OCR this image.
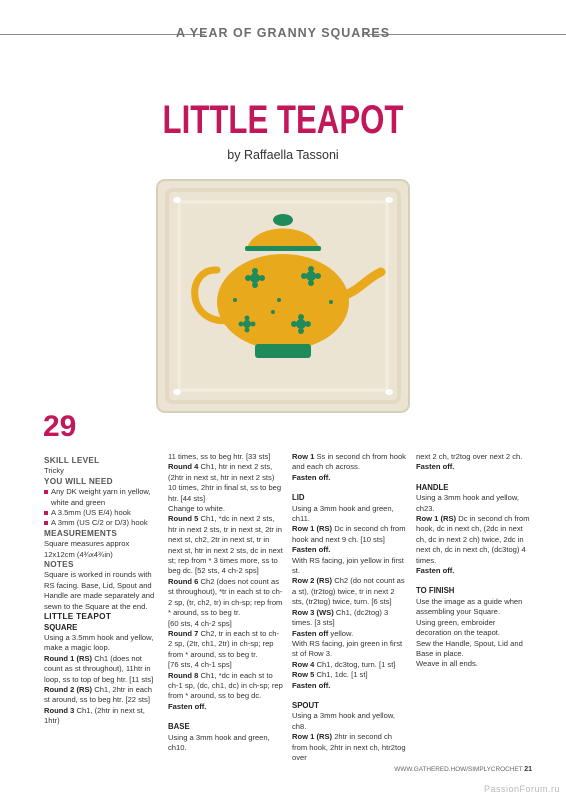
A YEAR OF GRANNY SQUARES
LITTLE TEAPOT
by Raffaella Tassoni
29

SKILL LEVEL

Tricky

YOU WILL NEED

Any DK weight yarn in yellow, white and green
A 3.5mm (US E/4) hook
A 3mm (US C/2 or D/3) hook

MEASUREMENTS

Square measures approx 12x12cm (4¾x4¾in)

NOTES

Square is worked in rounds with RS facing. Base, Lid, Spout and Handle are made separately and sewn to the Square at the end.

LITTLE TEAPOT

SQUARE

Using a 3.5mm hook and yellow, make a magic loop.

Round 1 (RS) Ch1 (does not count as st throughout), 11htr in loop, ss to top of beg htr. [11 sts]

Round 2 (RS) Ch1, 2htr in each st around, ss to beg htr. [22 sts]

Round 3 Ch1, (2htr in next st, 1htr)

11 times, ss to beg htr. [33 sts]

Round 4 Ch1, htr in next 2 sts, (2htr in next st, htr in next 2 sts) 10 times, 2htr in final st, ss to beg htr. [44 sts]

Change to white.

Round 5 Ch1, *dc in next 2 sts, htr in next 2 sts, tr in next st, 2tr in next st, ch2, 2tr in next st, tr in next st, htr in next 2 sts, dc in next st; rep from * 3 times more, ss to beg dc. [52 sts, 4 ch-2 sps]

Round 6 Ch2 (does not count as st throughout), *tr in each st to ch-2 sp, (tr, ch2, tr) in ch-sp; rep from * around, ss to beg tr.

[60 sts, 4 ch-2 sps]

Round 7 Ch2, tr in each st to ch-2 sp, (2tr, ch1, 2tr) in ch-sp; rep from * around, ss to beg tr.

[76 sts, 4 ch-1 sps]

Round 8 Ch1, *dc in each st to ch-1 sp, (dc, ch1, dc) in ch-sp; rep from * around, ss to beg dc.

Fasten off.

BASE

Using a 3mm hook and green, ch10.

Row 1 Ss in second ch from hook and each ch across.

Fasten off.

LID

Using a 3mm hook and green, ch11.

Row 1 (RS) Dc in second ch from hook and next 9 ch. [10 sts]

Fasten off.

With RS facing, join yellow in first st.

Row 2 (RS) Ch2 (do not count as a st), (tr2tog) twice, tr in next 2 sts, (tr2tog) twice, turn. [6 sts]

Row 3 (WS) Ch1, (dc2tog) 3 times. [3 sts]

Fasten off yellow.

With RS facing, join green in first st of Row 3.

Row 4 Ch1, dc3tog, turn. [1 st]

Row 5 Ch1, 1dc. [1 st]

Fasten off.

SPOUT

Using a 3mm hook and yellow, ch8.

Row 1 (RS) 2htr in second ch from hook, 2htr in next ch, htr2tog over

next 2 ch, tr2tog over next 2 ch.

Fasten off.

HANDLE

Using a 3mm hook and yellow, ch23.

Row 1 (RS) Dc in second ch from hook, dc in next ch, (2dc in next ch, dc in next 2 ch) twice, 2dc in next ch, dc in next ch, (dc3tog) 4 times.

Fasten off.

TO FINISH

Use the image as a guide when assembling your Square.

Using green, embroider decoration on the teapot.

Sew the Handle, Spout, Lid and Base in place.

Weave in all ends.

WWW.GATHERED.HOW/SIMPLYCROCHET 21
PassionForum.ru
